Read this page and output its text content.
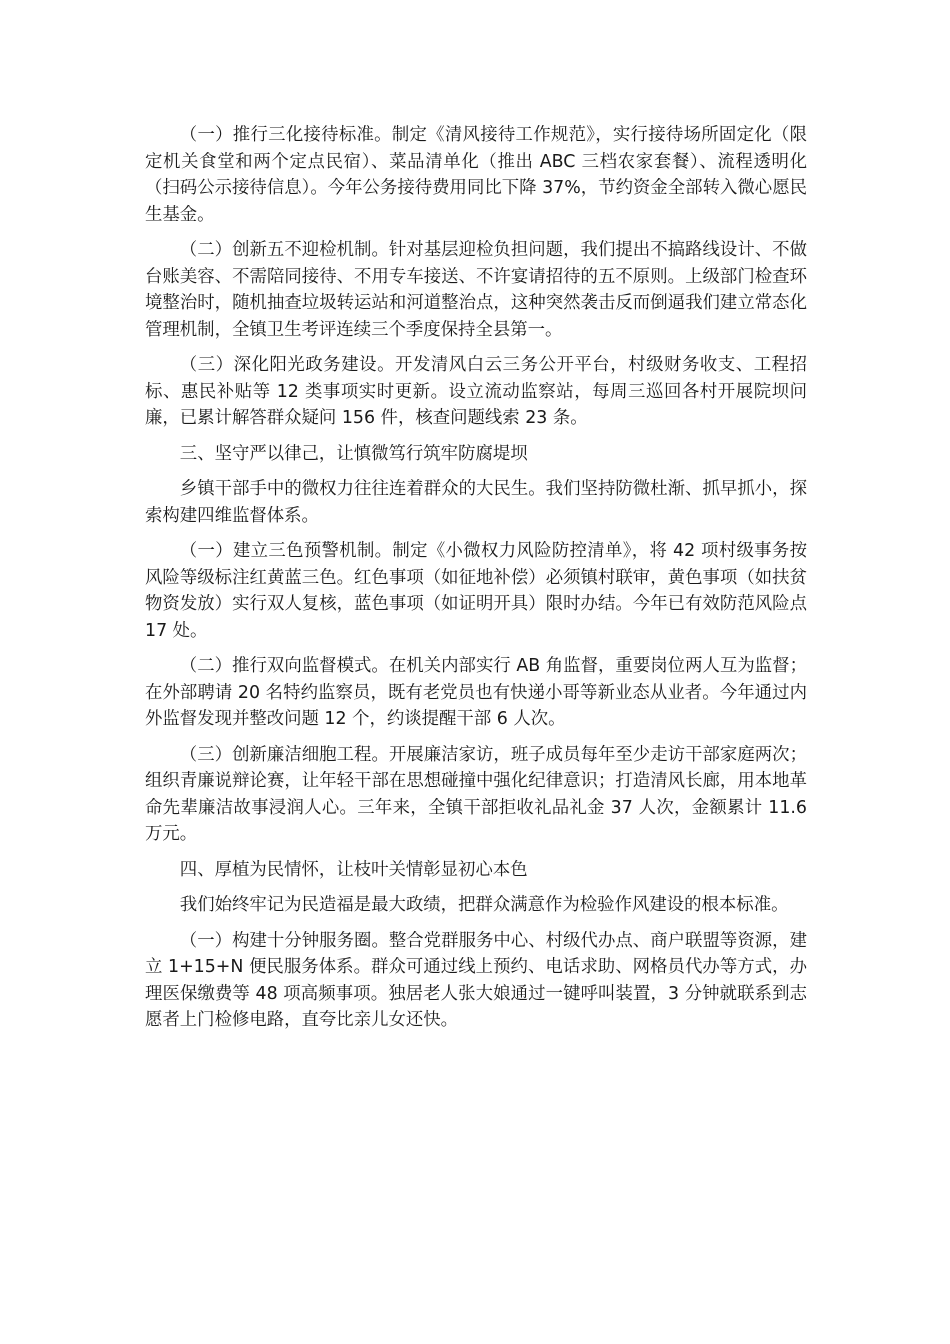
（一）推行三化接待标准。制定《清风接待工作规范》，实行接待场所固定化（限定机关食堂和两个定点民宿）、菜品清单化（推出 ABC 三档农家套餐）、流程透明化（扫码公示接待信息）。今年公务接待费用同比下降 37%，节约资金全部转入微心愿民生基金。

（二）创新五不迎检机制。针对基层迎检负担问题，我们提出不搞路线设计、不做台账美容、不需陪同接待、不用专车接送、不许宴请招待的五不原则。上级部门检查环境整治时，随机抽查垃圾转运站和河道整治点，这种突然袭击反而倒逼我们建立常态化管理机制，全镇卫生考评连续三个季度保持全县第一。

（三）深化阳光政务建设。开发清风白云三务公开平台，村级财务收支、工程招标、惠民补贴等 12 类事项实时更新。设立流动监察站，每周三巡回各村开展院坝问廉，已累计解答群众疑问 156 件，核查问题线索 23 条。

三、坚守严以律己，让慎微笃行筑牢防腐堤坝

乡镇干部手中的微权力往往连着群众的大民生。我们坚持防微杜渐、抓早抓小，探索构建四维监督体系。

（一）建立三色预警机制。制定《小微权力风险防控清单》，将 42 项村级事务按风险等级标注红黄蓝三色。红色事项（如征地补偿）必须镇村联审，黄色事项（如扶贫物资发放）实行双人复核，蓝色事项（如证明开具）限时办结。今年已有效防范风险点 17 处。

（二）推行双向监督模式。在机关内部实行 AB 角监督，重要岗位两人互为监督；在外部聘请 20 名特约监察员，既有老党员也有快递小哥等新业态从业者。今年通过内外监督发现并整改问题 12 个，约谈提醒干部 6 人次。

（三）创新廉洁细胞工程。开展廉洁家访，班子成员每年至少走访干部家庭两次；组织青廉说辩论赛，让年轻干部在思想碰撞中强化纪律意识；打造清风长廊，用本地革命先辈廉洁故事浸润人心。三年来，全镇干部拒收礼品礼金 37 人次，金额累计 11.6 万元。

四、厚植为民情怀，让枝叶关情彰显初心本色

我们始终牢记为民造福是最大政绩，把群众满意作为检验作风建设的根本标准。

（一）构建十分钟服务圈。整合党群服务中心、村级代办点、商户联盟等资源，建立 1+15+N 便民服务体系。群众可通过线上预约、电话求助、网格员代办等方式，办理医保缴费等 48 项高频事项。独居老人张大娘通过一键呼叫装置，3 分钟就联系到志愿者上门检修电路，直夸比亲儿女还快。
